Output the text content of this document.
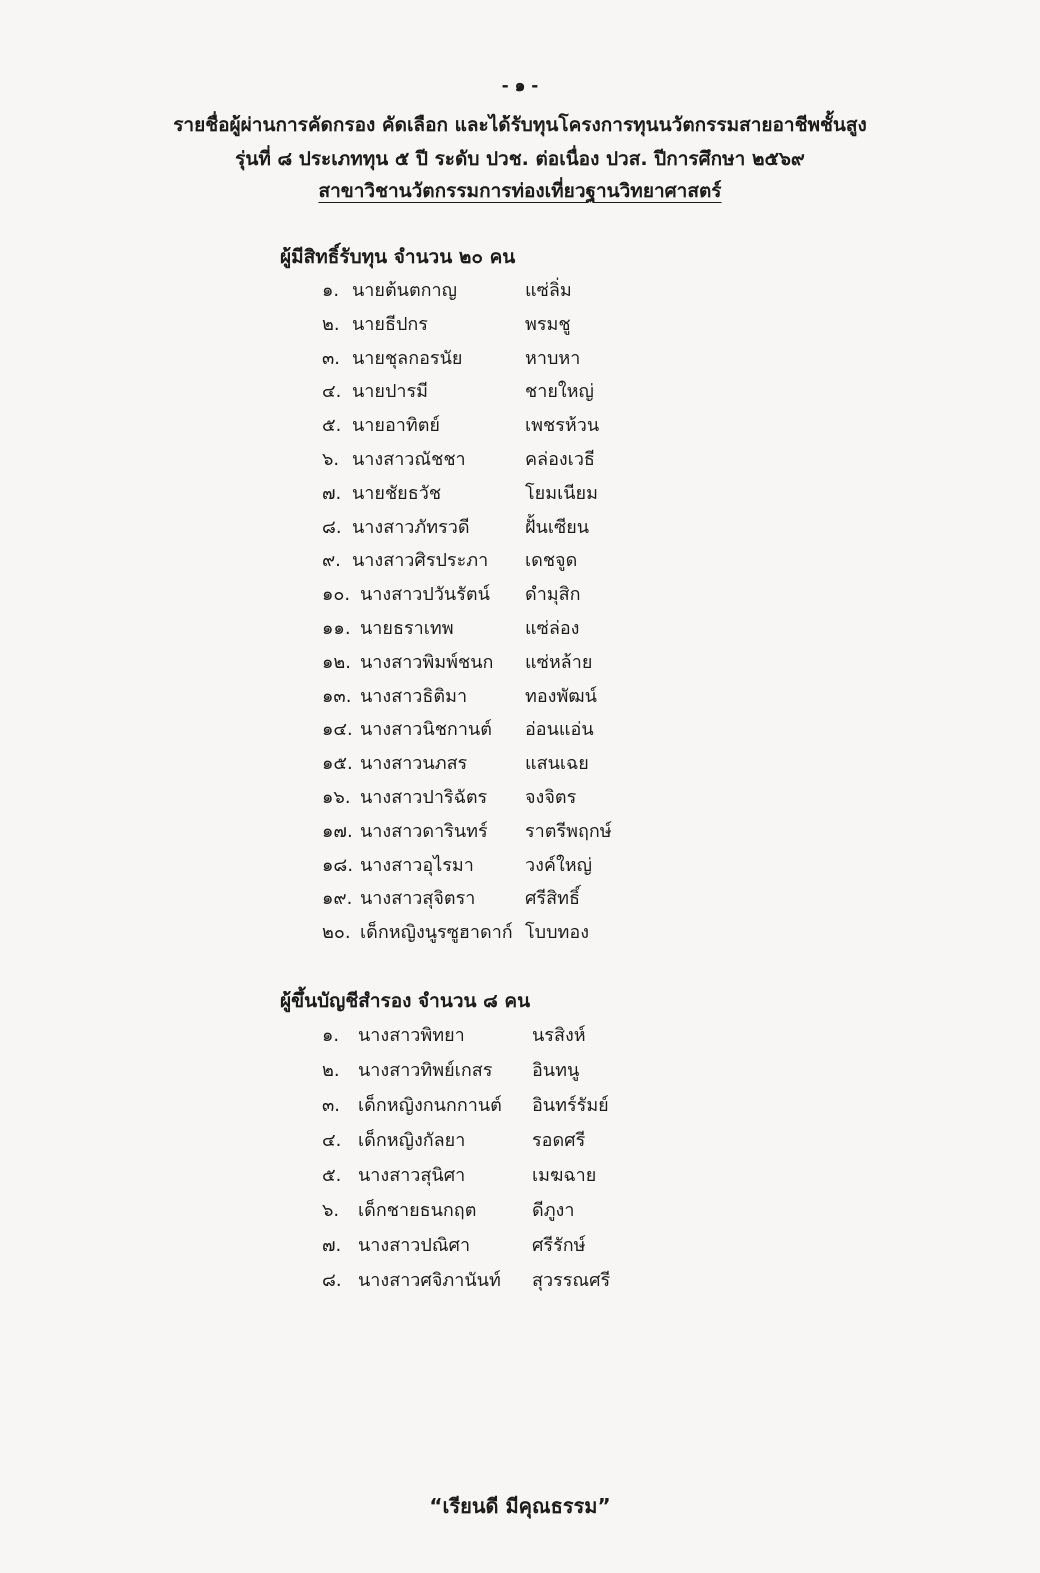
- ๑ -
รายชื่อผู้ผ่านการคัดกรอง คัดเลือก และได้รับทุนโครงการทุนนวัตกรรมสายอาชีพชั้นสูง
รุ่นที่ ๘ ประเภททุน ๕ ปี ระดับ ปวช. ต่อเนื่อง ปวส. ปีการศึกษา ๒๕๖๙
สาขาวิชานวัตกรรมการท่องเที่ยวฐานวิทยาศาสตร์
ผู้มีสิทธิ์รับทุน จำนวน ๒๐ คน
๑. นายต้นตกาญ	แซ่ลิ่ม
๒. นายธีปกร	พรมชู
๓. นายชุลกอรนัย	หาบหา
๔. นายปารมี	ชายใหญ่
๕. นายอาทิตย์	เพชรห้วน
๖. นางสาวณัชชา	คล่องเวธี
๗. นายชัยธวัช	โยมเนียม
๘. นางสาวภัทรวดี	ฝั้นเซียน
๙. นางสาวศิรประภา เดชจูด
๑๐. นางสาวปวันรัตน์ ดำมุสิก
๑๑. นายธราเทพ	แซ่ล่อง
๑๒. นางสาวพิมพ์ชนก แซ่หล้าย
๑๓. นางสาวธิติมา	ทองพัฒน์
๑๔. นางสาวนิชกานต์ อ่อนแอ่น
๑๕. นางสาวนภสร	แสนเฉย
๑๖. นางสาวปาริฉัตร จงจิตร
๑๗. นางสาวดารินทร์ ราตรีพฤกษ์
๑๘. นางสาวอุไรมา	วงค์ใหญ่
๑๙. นางสาวสุจิตรา	ศรีสิทธิ์
๒๐. เด็กหญิงนูรซูฮาดาก์ โบบทอง
ผู้ขึ้นบัญชีสำรอง จำนวน ๘ คน
๑. นางสาวพิทยา	นรสิงห์
๒. นางสาวทิพย์เกสร อินทนู
๓. เด็กหญิงกนกกานต์ อินทร์รัมย์
๔. เด็กหญิงกัลยา	รอดศรี
๕. นางสาวสุนิศา	เมฆฉาย
๖. เด็กชายธนกฤต	ดีภูงา
๗. นางสาวปณิศา	ศรีรักษ์
๘. นางสาวศจิภานันท์ สุวรรณศรี
“เรียนดี มีคุณธรรม”
